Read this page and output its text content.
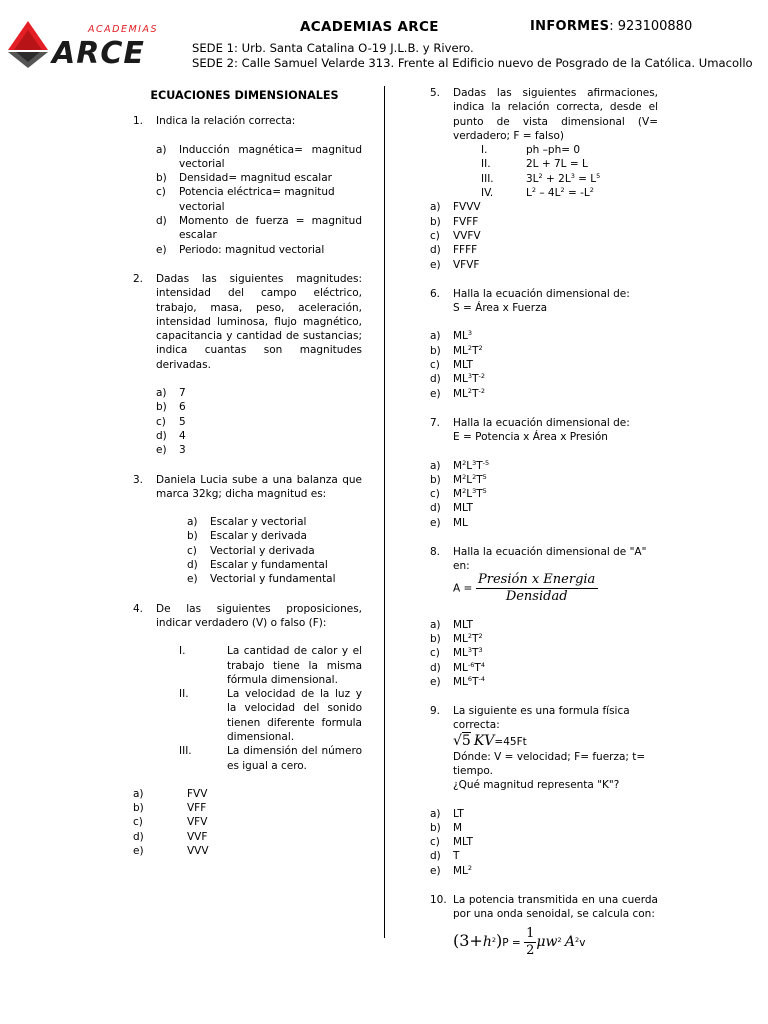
ACADEMIAS
ARCE
ACADEMIAS ARCE	INFORMES: 923100880
SEDE 1: Urb. Santa Catalina O-19 J.L.B. y Rivero.
SEDE 2: Calle Samuel Velarde 313. Frente al Edificio nuevo de Posgrado de la Católica. Umacollo
ECUACIONES DIMENSIONALES
1. Indica la relación correcta:
a) Inducción magnética= magnitud vectorial
b) Densidad= magnitud escalar
c) Potencia eléctrica= magnitud vectorial
d) Momento de fuerza = magnitud escalar
e) Periodo: magnitud vectorial
2. Dadas las siguientes magnitudes: intensidad del campo eléctrico, trabajo, masa, peso, aceleración, intensidad luminosa, flujo magnético, capacitancia y cantidad de sustancias; indica cuantas son magnitudes derivadas.
a) 7
b) 6
c) 5
d) 4
e) 3
3. Daniela Lucia sube a una balanza que marca 32kg; dicha magnitud es:
a) Escalar y vectorial
b) Escalar y derivada
c) Vectorial y derivada
d) Escalar y fundamental
e) Vectorial y fundamental
4. De las siguientes proposiciones, indicar verdadero (V) o falso (F):
I.	La cantidad de calor y el trabajo tiene la misma fórmula dimensional.
II.	La velocidad de la luz y la velocidad del sonido tienen diferente formula dimensional.
III.	La dimensión del número es igual a cero.
a)	FVV
b)	VFF
c)	VFV
d)	VVF
e)	VVV
5. Dadas las siguientes afirmaciones, indica la relación correcta, desde el punto de vista dimensional (V= verdadero; F = falso)
I.	ph –ph= 0
II.	2L + 7L = L
III.	$3L^2 + 2L^3 = L^5$
IV.	$L^2 - 4L^2 = -L^2$
a) FVVV
b) FVFF
c) VVFV
d) FFFF
e) VFVF
6. Halla la ecuación dimensional de:
S = Área x Fuerza
a) $ML^3$
b) $ML^2T^2$
c) MLT
d) $ML^3T^{-2}$
e) $ML^2T^{-2}$
7. Halla la ecuación dimensional de:
E = Potencia x Área x Presión
a) $M^2L^3T^{-5}$
b) $M^2L^2T^5$
c) $M^2L^3T^5$
d) MLT
e) ML
8. Halla la ecuación dimensional de "A" en:
$A = \frac{\text{Presión x Energia}}{\text{Densidad}}$
a) MLT
b) $ML^2T^2$
c) $ML^3T^3$
d) $ML^{-6}T^4$
e) $ML^6T^{-4}$
9. La siguiente es una formula física correcta:
√5 KV=45Ft
Dónde: V = velocidad; F= fuerza; t= tiempo.
¿Qué magnitud representa "K"?
a) LT
b) M
c) MLT
d) T
e) $ML^2$
10. La potencia transmitida en una cuerda por una onda senoidal, se calcula con:
$(3+h^2)P = \frac{1}{2} \mu w^2$ $A^2v$
